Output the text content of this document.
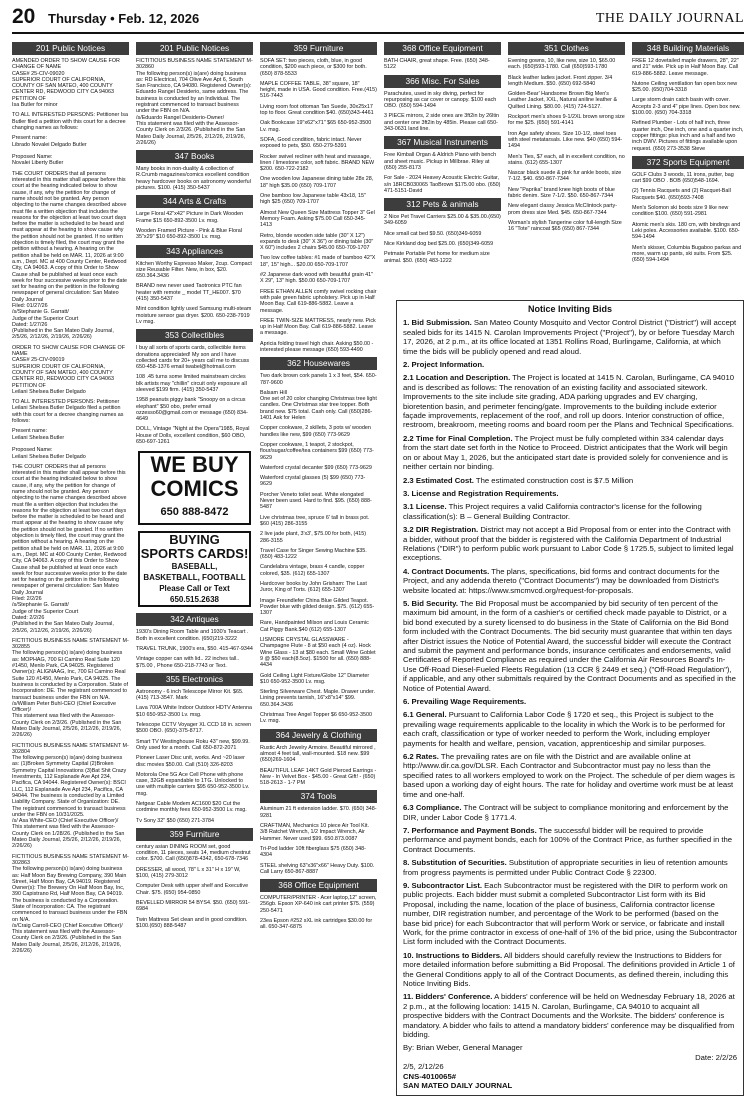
20 Thursday • Feb. 12, 2026	THE DAILY JOURNAL
201 Public Notices
AMENDED ORDER TO SHOW CAUSE FOR CHANGE OF NAME
CASE# 25-CIV-09020
SUPERIOR COURT OF CALIFORNIA, COUNTY OF SAN MATEO, 400 COUNTY CENTER RD, REDWOOD CITY CA 94063
PETITION OF
Isa Butler for minor
TO ALL INTERESTED PERSONS: Petitioner Isa Butler filed a petition with this court for a decree changing names as follows:
Present name:
Librado Novalei Delgado Butler

Proposed Name:
Novalei Liberty Butler
THE COURT ORDERS that all persons interested in this matter shall appear before this court at the hearing indicated below to show cause, if any, why the petition for change of name should not be granted. Any person objecting to the name changes described above must file a written objection that includes the reasons for the objection at least two court days before the matter is scheduled to be heard and must appear at the hearing to show cause why the petition should not be granted. If no written objection is timely filed, the court may grant the petition without a hearing. A hearing on the petition shall be held on MAR. 11, 2026 at 9:00 a.m., Dept. MC at 400 County Center, Redwood City, CA 94063. A copy of this Order to Show Cause shall be published at least once each week for four successive weeks prior to the date set for hearing on the petition in the following newspaper of general circulation: San Mateo Daily Journal
Filed: 01/27/26
/s/Stephanie G. Garratt/
Judge of the Superior Court
Dated: 1/27/26
(Published in the San Mateo Daily Journal, 2/5/26, 2/12/26, 2/19/26, 2/26/26)
ORDER TO SHOW CAUSE FOR CHANGE OF NAME
CASE# 25-CIV-09019
SUPERIOR COURT OF CALIFORNIA, COUNTY OF SAN MATEO, 400 COUNTY CENTER RD, REDWOOD CITY CA 94063
PETITION OF
Leilani Shelsea Butler Delgado
TO ALL INTERESTED PERSONS: Petitioner Leilani Shelsea Butler Delgado filed a petition with this court for a decree changing names as follows:
Present name:
Leilani Shelsea Butler

Proposed Name:
Leilani Shelsea Butler Delgado
THE COURT ORDERS that all persons interested in this matter shall appear before this court at the hearing indicated below to show cause, if any, why the petition for change of name should not be granted. Any person objecting to the name changes described above must file a written objection that includes the reasons for the objection at least two court days before the matter is scheduled to be heard and must appear at the hearing to show cause why the petition should not be granted. If no written objection is timely filed, the court may grant the petition without a hearing. A hearing on the petition shall be held on MAR. 11, 2026 at 9:00 a.m., Dept. MC at 400 County Center, Redwood City, CA 94063. A copy of this Order to Show Cause shall be published at least once each week for four successive weeks prior to the date set for hearing on the petition in the following newspaper of general circulation: San Mateo Daily Journal
Filed: 2/2/26
/s/Stephanie G. Garratt/
Judge of the Superior Court
Dated: 2/2/26
(Published in the San Mateo Daily Journal, 2/5/26, 2/12/26, 2/19/26, 2/26/26)
FICTITIOUS BUSINESS NAME STATEMENT M-302855
The following person(s) is(are) doing business as: MOPHAG, 700 El Camino Real Suite 120 #1450, Menlo Park, CA 94025. Registered Owner(s): ALIGNAAG, Inc, 700 El Camino Real Suite 120 #1450, Menlo Park, CA 94025. The business is conducted by a Corporation. State of Incorporation: DE. The registrant commenced to transact business under the FBN on N/A.
/s/William Peter Buhl-CEO (Chief Executive Officer)/
This statement was filed with the Assessor-County Clerk on 2/3/26. (Published in the San Mateo Daily Journal, 2/5/26, 2/12/26, 2/19/26, 2/26/26)
FICTITIOUS BUSINESS NAME STATEMENT M-302804
The following person(s) is(are) doing business as: (1)Broken Symmetry Capital (2)Broken Symmetry Capital Innovations (3)Bat Shit Crazy Investments, 112 Esplanade Ave Apt 234, Pacifica, CA 94044. Registered Owner(s): BSCI LLC, 112 Esplanade Ave Apt 234, Pacifica, CA 94044. The business is conducted by a Limited Liability Company. State of Organization: DE. The registrant commenced to transact business under the FBN on 10/31/2025.
/s/ Asa White-CEO (Chief Executive Officer)/
This statement was filed with the Assessor-County Clerk on 1/28/26. (Published in the San Mateo Daily Journal, 2/5/26, 2/12/26, 2/19/26, 2/26/26)
FICTITIOUS BUSINESS NAME STATEMENT M-302863
The following person(s) is(are) doing business as: Half Moon Bay Brewing Company, 390 Main Street, Half Moon Bay, CA 94019. Registered Owner(s): The Brewery On Half Moon Bay, Inc, 390 Capistrano Rd, Half Moon Bay, CA 94019. The business is conducted by a Corporation. State of Incorporation: CA. The registrant commenced to transact business under the FBN on N/A.
/s/Craig Carroll-CEO (Chief Executive Officer)/
This statement was filed with the Assessor-County Clerk on 2/3/26. (Published in the San Mateo Daily Journal, 2/5/26, 2/12/26, 2/19/26, 2/26/26)
201 Public Notices
FICTITIOUS BUSINESS NAME STATEMENT M-302860
The following person(s) is(are) doing business as: RD Electrical, 704 Olive Ave Apt 6, South San Francisco, CA 94080. Registered Owner(s): Eduardo Rangel Desiderio, same address. The business is conducted by an Individual. The registrant commenced to transact business under the FBN on N/A.
/s/Eduardo Rangel Desiderio-Owner/
This statement was filed with the Assessor-County Clerk on 2/3/26. (Published in the San Mateo Daily Journal, 2/5/26, 2/12/26, 2/19/26, 2/26/26)
347 Books
Many books in non-duality & collection of R.Crumb magazines/comics excellent condition heavy hardcover books on astronomy wonderful pictures. $100. (415) 350-5437
344 Arts & Crafts
Large Floral 42"x42" Picture in Dark Wooden Frame $15 650-892-3500 Lv. msg.
Wooden Framed Picture - Pink & Blue Floral 35"x29" $10 650-892-3500 Lv. msg.
343 Appliances
Kitchen Worthy Espresso Maker, 2cup. Compact size Reusable Filter. New, in box, $20. 650.364.3436
BRAND new never used Taotronics PTC fan heater with remote _ model TT_HE007. $70 (415) 350-5437
Mint condition lightly used Samsung multi-steam moisture sensor gas dryer. $200. 650-238-7919 Lv msg.
353 Collectibles
I buy all sorts of sports cards, collectible items donations appreciated! My son and I have collected cards for 20+ years call me to discuss
650-458-1376 email twabel@hotmail.com
108 .45 turns some limited mainstream circles blk artists may "chillin" circuit only exposure all sleeved $199 firm. (415) 350-5437
1958 peanuts piggy bank "Snoopy on a circus elephant" $50 obo, prefer email ozzesso60@gmail.com or message (650) 834-4649
DOLL, Vintage "Night at the Opera"1985, Royal House of Dolls, excellent condition, $60 OBO, 650-697-1261
WE BUY
COMICS
650 888-8472
BUYING
SPORTS CARDS!
BASEBALL,
BASKETBALL, FOOTBALL
Please Call or Text
650.515.2638
342 Antiques
1930's Dining Room Table and 1930's Teacart . Both in excellent condition. (650)219-3222
TRAVEL TRUNK, 1900's era, $50. 415-467-9344
Vintage copper can with lid.. 22 inches tall.. $75.00 , Phone 650-218-7743 or Text.
355 Electronics
Astronomy - 6 inch Telescope Mirror Kit. $65. (415) 713-3547. Mark
Lava 700A White Indoor Outdoor HDTV Antenna $10 650-952-3500 Lv. msg.
Telescope CCTV Voyager XL CCD 18 in. screen $500 OBO. (650)-375-8717.
Smart TV Westinghouse Roku 43" new, $99.99. Only used for a month. Call 650-872-2071
Pioneer Laser Disc unit, works. And ~20 laser disc movies $50.00. Call (510) 326-8203
Motorola One 5G Ace Cell Phone with phone case, 32GB expandable to 1TG. Unlocked to use with multiple carriers $95 650-952-3500 Lv. msg.
Netgear Cable Modem AC1600 $20 Cut the cordmine monthly fees 650-952-3500 Lv. msg.
Tv Sony 32" $50 (650) 271-3784
359 Furniture
century asian DINING ROOM set, good condition, 11 pieces, seats 14, medium chestnut color. $700. Call (650)878-4342, 650-678-7346
DRESSER, all wood, 78" L x 31" H x 19" W, $100, (415) 279-3012
Computer Desk with upper shelf and Executive Chair. $75. (650) 954-0850
BEVELLED MIRROR 54 BYS4. $50. (650) 591-6984
Twin Mattress Set clean and in good condition. $100.(650) 888-5487
359 Furniture
SOFA SET: two pieces, cloth, blue, in good condition, $200 each piece, or $300 for both. (650) 878-5533
MAPLE COFFEE TABLE, 38" square, 18" height, made in USA. Good condition. Free.(415) 516-7443
Living room foot ottoman Tan Suede, 30x25x17 top to floor. Great condition $40. (650)343-4461
Oak Bookcase 19"x62"x71" $65 650-952-3500 Lv. msg.
SOFA, Good condition, fabric intact. Never exposed to pets, $50. 650-279-5391
Rocker swivel recliner with heat and massage, linen / limestone color, soft fabric. BRAND NEW $200. 650-722-2182
One wooden low Japanese dining table 28x 28, 18" high $35.00 (650) 709-1707
One bamboo low Japanese table 43x18, 15" high $25 (650) 709-1707
Almost New Queen Size Mattress Topper 3" Gel Memory Foam. Asking $75.00 Call 650-345-1413
Retro, blonde wooden side table (30" X 12") expands to desk (30" X 36") or dining table (30" X 60") includes 2 chairs $45.00 650-709-1707
Two low coffee tables: #1 made of bamboo 42"X 18", 15" high... $20.00 650-709-1707
#2 Japanese dark wood with beautiful grain 41" X 29", 13" high. $50.00 650-709-1707
FREE ETHAN ALLEN comfy swivel rocking chair with pale green fabric upholstery. Pick up in Half Moon Bay. Call 619-886-5882. Leave a message.
FREE TWIN-SIZE MATTRESS, nearly new. Pick up in Half Moon Bay. Call 619-886-5882. Leave a message.
Apricia folding travel high chair. Asking $50.00 - interested please message (650) 593-4490
362 Housewares
Two dark brown cork panels 1 x 3 feet, $54. 650-787-9600
Balsam Hill
One set of 20 color changing Christmas tree light candles. One Christmas star tree topper. Both brand new. $75 total. Cash only. Call (650)286-1401 Ask for Helen
Copper cookware, 2 skillets, 3 pots w/ wooden handles like new, $99 (650) 773-9629
Copper cookware, 1 teapot, 2 stockpot, flour/sugar/coffee/tea containers $99 (650) 773-9629
Waterford crystal decanter $99 (650) 773-9629
Waterford crystal glasses (5) $99 (650) 773-9629
Porcher Veneto toilet seat. White elongated Never been used. Hard to find. $95. (650) 888-5487
Live christmas tree, spruce 6' tall in brass pot. $60 (415) 286-3155
2 live jade plant, 3'x3', $75.00 for both, (415) 286-3155
Travel Case for Singer Sewing Machine $35. (650) 483-1222
Candelabra vintage, brass 4 candle, copper colored, $35. (612) 655-1307
Hardcover books by John Grisham: The Last Juror, King of Torts. (612) 655-1307
Image Freundlefer China Blue Gilded Teapot. Powder blue with gilded design. $75. (612) 655-1307
Rare, Handpainted Milson and Louis Ceramic Cat Piggy Bank.$40 (612) 655-1307
LISMORE CRYSTAL GLASSWARE - Champagne Flute - 8 at $50 each (4 oz). Hock Wine Glass - 13 at $80 each. Small Wine Goblet 9 @ $50 each(8.5oz). $1500 for all. (650) 888-4434
Gold Ceiling Light Fixture/Globe 12" Diameter $10 650-952-3500 Lv. msg.
Sterling Silverware Chest. Maple. Drawer under. Lining prevents tarnish, 16"x8"x14" $99. 650.364.3436
Christmas Tree Angel Topper $6 650-952-3500 Lv. msg.
364 Jewelry & Clothing
Rustic Arch Jewelry Armoire. Beautiful mirrored , almost 4 feet tall, wall-mounted. $18 new. $99 (650)269-1604
BEAUTIFUL LEAF 14KT Gold Pierced Earrings - New - In Velvet Box - $45.00 - Great Gift! - (650) 518-2613 - 1-7 PM
374 Tools
Aluminum 21 ft extension ladder. $70. (650) 348-9281
CRAFTMAN, Mechanics 10 piece Air Tool Kit. 3/8 Ratchet Wrench, 1/2 Impact Wrench, Air Hammer. Never used $99. 650.873.0087
Tri-Pod ladder 10ft fiberglass $75 (650) 348-4304
STEEL shelving 63"x36"x66" Heavy Duty. $100. Call Larry 650-867-8887
368 Office Equipment
COMPUTER/PRINTER - Acer laptop,12" screen, 256gb. Epson XP-640 ink cart printer $75. (559) 250-5471
23ea Epson #252 sXL ink cartridges $30.00 for all. 650-347-6875
368 Office Equipment
BATH CHAIR, great shape. Free. (650) 348-5122
366 Misc. For Sales
Parachutes, used in sky diving, perfect for repurposing as car cover or canopy. $100 each OBO. (650) 594-1494
3 PIECE mirrors, 2 side ones are 3ft2in by 26ltin and center one 3ft2in by 485in. Please call 650-343-0631 land line.
367 Musical Instruments
Free Kimball Organ & Aldrich Piano with bench and sheet music. Pickup in Millbrae. Riley at (650) 255-8173
For Sale - 2024 Heavey Acoustic Electric Guitar, s/n 18RCB030065 TaoBrown $175.00 obo. (650) 471-5151-David
312 Pets & animals
2 Nice Pet Travel Carriers $25.00 & $35.00.(650) 349-6059
Nice small cat bed $9.50. (650)349-6059
Nice Kirkland dog bed $25.00. (650)349-6059
Petmate Portable Pet home for medium size animal. $50. (650) 483-1222
351 Clothes
Evening gowns, 10, like new, size 10, $65.00 each. (650)593-1780. Call (650)593-1780
Black leather ladies jacket. Front zipper. 3/4 length Medium. $50. (650) 692-5840
Golden-Bear' Handsome Brown Big Men's Leather Jacket, XXL, Natural aniline leather & Quilted Lining. $80.00. (415) 724-5127.
Rockport men's shoes 9-1/2XL brown wrong size for me $25. (650) 591-4141
Iron Age safety shoes. Size 10-1/2, steel toes with steel metatarsals. Like new. $40 (650) 594-1494
Men's Ties, $7 each, all in excellent condition, no stains. (612) 655-1307
Nascar black suede & pink fur ankle boots, size 7-1/2. $40. 650-867-7344
New "Paprika" brand knee high boots of blue fabric denim. Size 7-1/2. $50. 650-867-7344
New elegant classy Jessica McClintock party-prom dress size Med. $45. 650-867-7344
Woman's stylish Tangerine color full-length Size 16 "Tote" raincoat $65 (650) 867-7344
348 Building Materials
FREE 12 dovetailed maple drawers, 28", 22" and 21" wide. Pick up in Half Moon Bay. Call 619-886-5882. Leave message.
Nutone Ceiling ventilation fan open box new $25.00. (650)704-3318
Large storm drain catch basin with cover. Accepts 2-3 and 4" pipe lines. Open box new. $100.00. (650) 704-3318
Refined Plumber - Lots of half inch, three quarter inch, One inch, one and a quarter inch, copper fittings: plus inch and a half and two inch DWV. Pictures of fittings available upon request. (650) 273-3538 Steve
372 Sports Equipment
GOLF Clubs 3 woods, 11 irons, putter, bag cart $99 OBO . BOB (650)548-1694.
(2) Tennis Racquets and (2) Racquet-Ball Racquets $40. (650)593-7408
Men's Solomon ski boots size 9 like new condition $100. (650) 591-2981
Atomic men's skis. 180 cm, with bindings and Leki poles. Accessories available. $100. 650-594-1494
Men's skisser, Columbia Bugaboo parkas and more, warm up pants, ski suits. From $25. (650) 594-1494
Notice Inviting Bids
1. Bid Submission. San Mateo County Mosquito and Vector Control District ("District") will accept sealed bids for its 1415 N. Carolan Improvements Project ("Project"), by or before Tuesday March 17, 2026, at 2 p.m., at its office located at 1351 Rollins Road, Burlingame, California, at which time the bids will be publicly opened and read aloud.
2. Project Information.
2.1 Location and Description. The Project is located at 1415 N. Carolan, Burlingame, CA 94010 and is described as follows: The renovation of an existing facility and associated sitework. Improvements to the site include site grading, ADA parking upgrades and EV charging, bioretention basin, and perimeter fencing/gate. Improvements to the building include exterior façade improvements, replacement of the roof, and roll up doors. Interior construction of office, restroom, breakroom, meeting rooms and board room per the Plans and Technical Specifications.
2.2 Time for Final Completion. The Project must be fully completed within 334 calendar days from the start date set forth in the Notice to Proceed. District anticipates that the Work will begin on or about May 1, 2026, but the anticipated start date is provided solely for convenience and is neither certain nor binding.
2.3 Estimated Cost. The estimated construction cost is $7.5 Million
3. License and Registration Requirements.
3.1 License. This Project requires a valid California contractor's license for the following classification(s): B – General Building Contractor.
3.2 DIR Registration. District may not accept a Bid Proposal from or enter into the Contract with a bidder, without proof that the bidder is registered with the California Department of Industrial Relations ("DIR") to perform public work pursuant to Labor Code § 1725.5, subject to limited legal exceptions.
4. Contract Documents. The plans, specifications, bid forms and contract documents for the Project, and any addenda thereto ("Contract Documents") may be downloaded from District's website located at: https://www.smcmvcd.org/request-for-proposals.
5. Bid Security. The Bid Proposal must be accompanied by bid security of ten percent of the maximum bid amount, in the form of a cashier's or certified check made payable to District, or a bid bond executed by a surety licensed to do business in the State of California on the Bid Bond form included with the Contract Documents. The bid security must guarantee that within ten days after District issues the Notice of Potential Award, the successful bidder will execute the Contract and submit the payment and performance bonds, insurance certificates and endorsements, valid Certificates of Reported Compliance as required under the California Air Resources Board's In-Use Off-Road Diesel-Fueled Fleets Regulation (13 CCR § 2449 et seq.) ("Off-Road Regulation"), if applicable, and any other submittals required by the Contract Documents and as specified in the Notice of Potential Award.
6. Prevailing Wage Requirements.
6.1 General. Pursuant to California Labor Code § 1720 et seq., this Project is subject to the prevailing wage requirements applicable to the locality in which the Work is to be performed for each craft, classification or type of worker needed to perform the Work, including employer payments for health and welfare, pension, vacation, apprenticeship and similar purposes.
6.2 Rates. The prevailing rates are on file with the District and are available online at http://www.dir.ca.gov/DLSR. Each Contractor and Subcontractor must pay no less than the specified rates to all workers employed to work on the Project. The schedule of per diem wages is based upon a working day of eight hours. The rate for holiday and overtime work must be at least time and one-half.
6.3 Compliance. The Contract will be subject to compliance monitoring and enforcement by the DIR, under Labor Code § 1771.4.
7. Performance and Payment Bonds. The successful bidder will be required to provide performance and payment bonds, each for 100% of the Contract Price, as further specified in the Contract Documents.
8. Substitution of Securities. Substitution of appropriate securities in lieu of retention amounts from progress payments is permitted under Public Contract Code § 22300.
9. Subcontractor List. Each Subcontractor must be registered with the DIR to perform work on public projects. Each bidder must submit a completed Subcontractor List form with its Bid Proposal, including the name, location of the place of business, California contractor license number, DIR registration number, and percentage of the Work to be performed (based on the base bid price) for each Subcontractor that will perform Work or service, or fabricate and install Work, for the prime contractor in excess of one-half of 1% of the bid price, using the Subcontractor List form included with the Contract Documents.
10. Instructions to Bidders. All bidders should carefully review the Instructions to Bidders for more detailed information before submitting a Bid Proposal. The definitions provided in Article 1 of the General Conditions apply to all of the Contract Documents, as defined therein, including this Notice Inviting Bids.
11. Bidders' Conference. A bidders' conference will be held on Wednesday February 18, 2026 at 2 p.m., at the following location: 1415 N. Carolan, Burlingame, CA 94010 to acquaint all prospective bidders with the Contract Documents and the Worksite. The bidders' conference is mandatory. A bidder who fails to attend a mandatory bidders' conference may be disqualified from bidding.
By: Brian Weber, General Manager
Date: 2/2/26
2/5, 2/12/26
CNS-4010065#
SAN MATEO DAILY JOURNAL
